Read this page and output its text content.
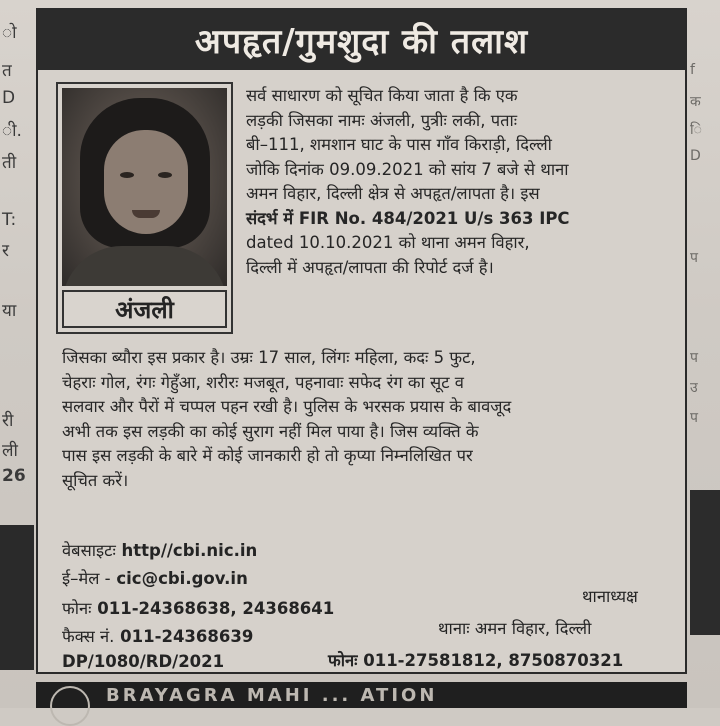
ो
त
D
ी.
ती
T:
र
या
री
ली
26
f
क
ि
D
प
प
उ
प
अपहृत/गुमशुदा की तलाश
अंजली
सर्व साधारण को सूचित किया जाता है कि एक
लड़की जिसका नामः अंजली, पुत्रीः लकी, पताः
बी–111, शमशान घाट के पास गाँव किराड़ी, दिल्ली
जोकि दिनांक 09.09.2021 को सांय 7 बजे से थाना
अमन विहार, दिल्ली क्षेत्र से अपहृत/लापता है। इस
संदर्भ में FIR No. 484/2021 U/s 363 IPC
dated 10.10.2021 को थाना अमन विहार,
दिल्ली में अपहृत/लापता की रिपोर्ट दर्ज है।
जिसका ब्यौरा इस प्रकार है। उम्रः 17 साल, लिंगः महिला, कदः 5 फुट,
चेहराः गोल, रंगः गेहुँआ, शरीरः मजबूत, पहनावाः सफेद रंग का सूट व
सलवार और पैरों में चप्पल पहन रखी है। पुलिस के भरसक प्रयास के बावजूद
अभी तक इस लड़की का कोई सुराग नहीं मिल पाया है। जिस व्यक्ति के
पास इस लड़की के बारे में कोई जानकारी हो तो कृप्या निम्नलिखित पर
सूचित करें।
वेबसाइटः http//cbi.nic.in
ई–मेल - cic@cbi.gov.in
फोनः 011-24368638, 24368641
फैक्स नं. 011-24368639
DP/1080/RD/2021
थानाध्यक्ष
थानाः अमन विहार, दिल्ली
फोनः 011-27581812, 8750870321
BRAYAGRA MAHI ... ATION
